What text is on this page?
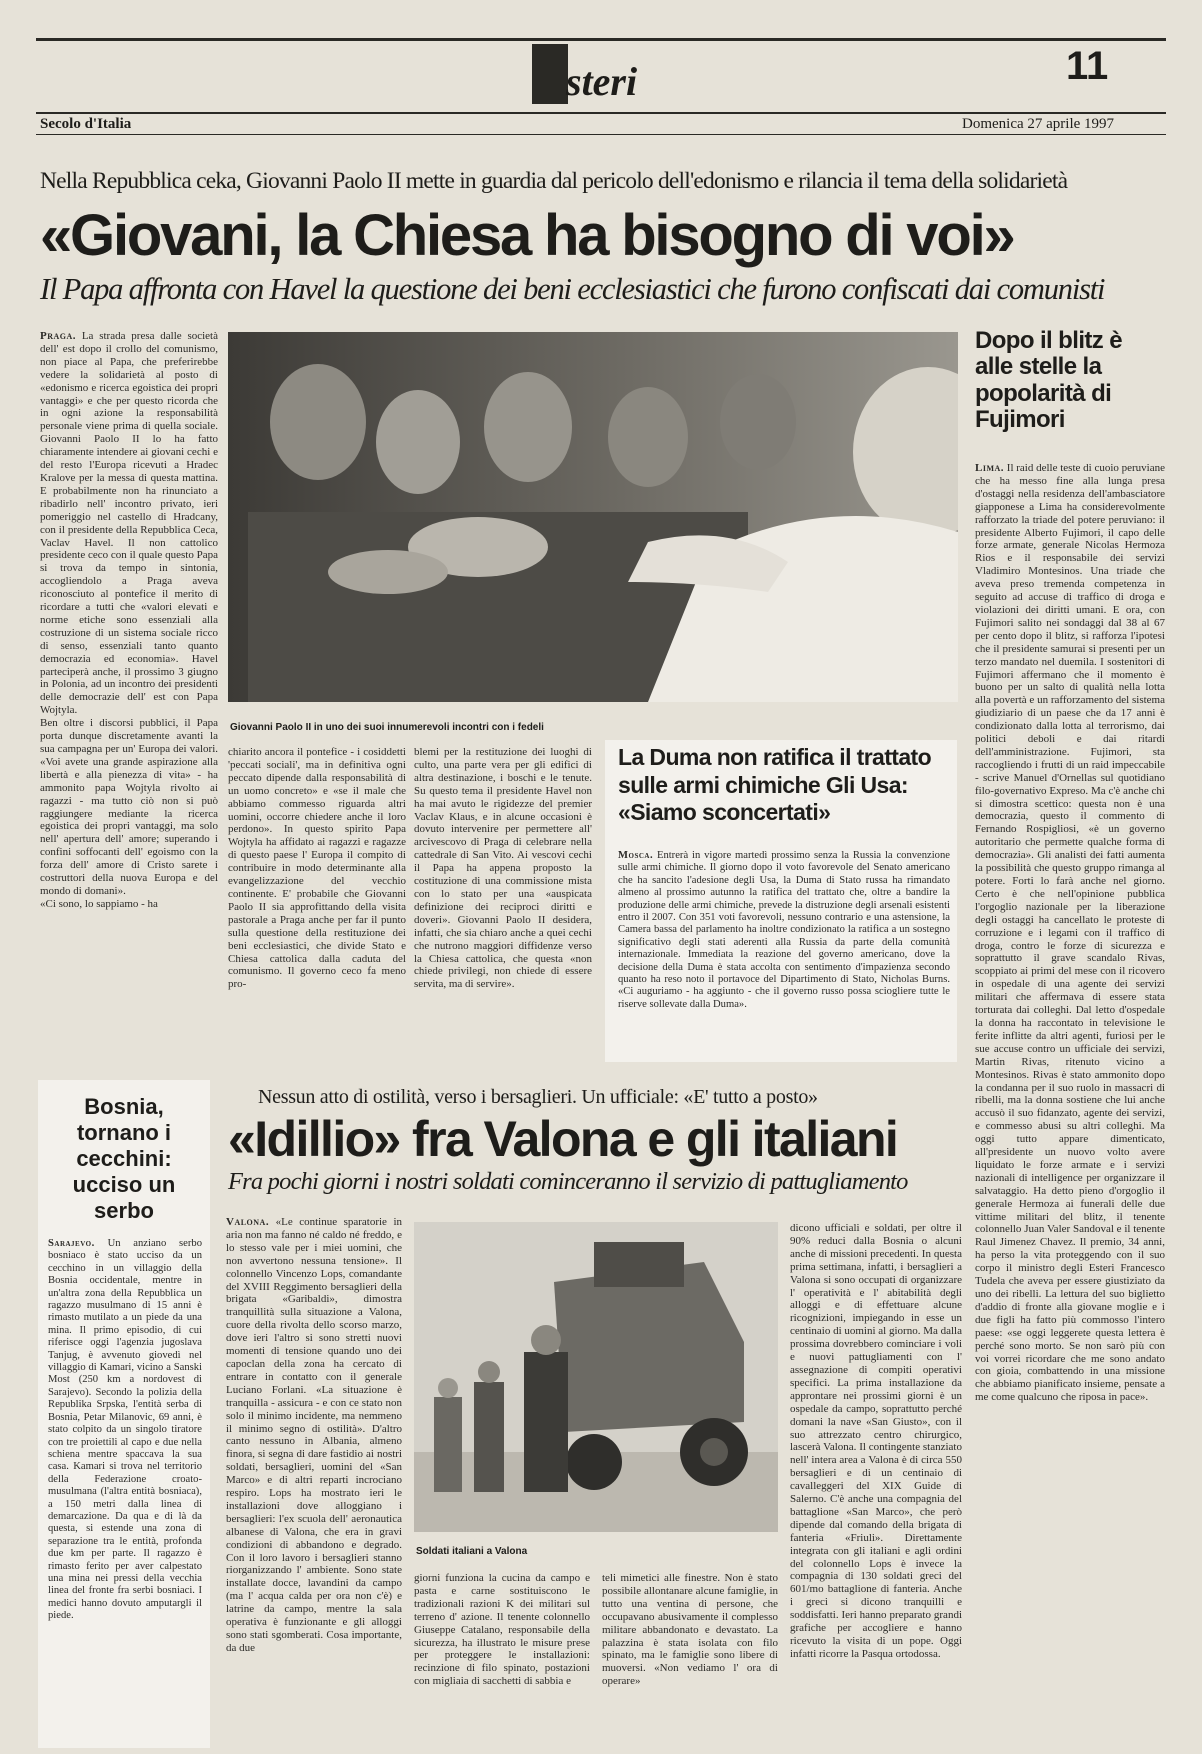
steri	11
Secolo d'Italia	Domenica 27 aprile 1997
Nella Repubblica ceka, Giovanni Paolo II mette in guardia dal pericolo dell'edonismo e rilancia il tema della solidarietà
«Giovani, la Chiesa ha bisogno di voi»
Il Papa affronta con Havel la questione dei beni ecclesiastici che furono confiscati dai comunisti
Praga. La strada presa dalle società dell' est dopo il crollo del comunismo, non piace al Papa, che preferirebbe vedere la solidarietà al posto di «edonismo e ricerca egoistica dei propri vantaggi» e che per questo ricorda che in ogni azione la responsabilità personale viene prima di quella sociale. Giovanni Paolo II lo ha fatto chiaramente intendere ai giovani cechi e del resto l'Europa ricevuti a Hradec Kralove per la messa di questa mattina. E probabilmente non ha rinunciato a ribadirlo nell' incontro privato, ieri pomeriggio nel castello di Hradcany, con il presidente della Repubblica Ceca, Vaclav Havel. Il non cattolico presidente ceco con il quale questo Papa si trova da tempo in sintonia, accogliendolo a Praga aveva riconosciuto al pontefice il merito di ricordare a tutti che «valori elevati e norme etiche sono essenziali alla costruzione di un sistema sociale ricco di senso, essenziali tanto quanto democrazia ed economia». Havel parteciperà anche, il prossimo 3 giugno in Polonia, ad un incontro dei presidenti delle democrazie dell' est con Papa Wojtyla.
Ben oltre i discorsi pubblici, il Papa porta dunque discretamente avanti la sua campagna per un' Europa dei valori. «Voi avete una grande aspirazione alla libertà e alla pienezza di vita» - ha ammonito papa Wojtyla rivolto ai ragazzi - ma tutto ciò non si può raggiungere mediante la ricerca egoistica dei propri vantaggi, ma solo nell' apertura dell' amore; superando i confini soffocanti dell' egoismo con la forza dell' amore di Cristo sarete i costruttori della nuova Europa e del mondo di domani».
«Ci sono, lo sappiamo - ha
Giovanni Paolo II in uno dei suoi innumerevoli incontri con i fedeli
chiarito ancora il pontefice - i cosiddetti 'peccati sociali', ma in definitiva ogni peccato dipende dalla responsabilità di un uomo concreto» e «se il male che abbiamo commesso riguarda altri uomini, occorre chiedere anche il loro perdono». In questo spirito Papa Wojtyla ha affidato ai ragazzi e ragazze di questo paese l' Europa il compito di contribuire in modo determinante alla evangelizzazione del vecchio continente. E' probabile che Giovanni Paolo II sia approfittando della visita pastorale a Praga anche per far il punto sulla questione della restituzione dei beni ecclesiastici, che divide Stato e Chiesa cattolica dalla caduta del comunismo. Il governo ceco fa meno pro-
blemi per la restituzione dei luoghi di culto, una parte vera per gli edifici di altra destinazione, i boschi e le tenute. Su questo tema il presidente Havel non ha mai avuto le rigidezze del premier Vaclav Klaus, e in alcune occasioni è dovuto intervenire per permettere all' arcivescovo di Praga di celebrare nella cattedrale di San Vito. Ai vescovi cechi il Papa ha appena proposto la costituzione di una commissione mista con lo stato per una «auspicata definizione dei reciproci diritti e doveri». Giovanni Paolo II desidera, infatti, che sia chiaro anche a quei cechi che nutrono maggiori diffidenze verso la Chiesa cattolica, che questa «non chiede privilegi, non chiede di essere servita, ma di servire».
La Duma non ratifica il trattato sulle armi chimiche Gli Usa: «Siamo sconcertati»
Mosca. Entrerà in vigore martedì prossimo senza la Russia la convenzione sulle armi chimiche. Il giorno dopo il voto favorevole del Senato americano che ha sancito l'adesione degli Usa, la Duma di Stato russa ha rimandato almeno al prossimo autunno la ratifica del trattato che, oltre a bandire la produzione delle armi chimiche, prevede la distruzione degli arsenali esistenti entro il 2007. Con 351 voti favorevoli, nessuno contrario e una astensione, la Camera bassa del parlamento ha inoltre condizionato la ratifica a un sostegno significativo degli stati aderenti alla Russia da parte della comunità internazionale. Immediata la reazione del governo americano, dove la decisione della Duma è stata accolta con sentimento d'impazienza secondo quanto ha reso noto il portavoce del Dipartimento di Stato, Nicholas Burns. «Ci auguriamo - ha aggiunto - che il governo russo possa sciogliere tutte le riserve sollevate dalla Duma».
Dopo il blitz è alle stelle la popolarità di Fujimori
Lima. Il raid delle teste di cuoio peruviane che ha messo fine alla lunga presa d'ostaggi nella residenza dell'ambasciatore giapponese a Lima ha considerevolmente rafforzato la triade del potere peruviano: il presidente Alberto Fujimori, il capo delle forze armate, generale Nicolas Hermoza Rios e il responsabile dei servizi Vladimiro Montesinos. Una triade che aveva preso tremenda competenza in seguito ad accuse di traffico di droga e violazioni dei diritti umani. E ora, con Fujimori salito nei sondaggi dal 38 al 67 per cento dopo il blitz, si rafforza l'ipotesi che il presidente samurai si presenti per un terzo mandato nel duemila. I sostenitori di Fujimori affermano che il momento è buono per un salto di qualità nella lotta alla povertà e un rafforzamento del sistema giudiziario di un paese che da 17 anni è condizionato dalla lotta al terrorismo, dai politici deboli e dai ritardi dell'amministrazione. Fujimori, sta raccogliendo i frutti di un raid impeccabile - scrive Manuel d'Ornellas sul quotidiano filo-governativo Expreso. Ma c'è anche chi si dimostra scettico: questa non è una democrazia, questo il commento di Fernando Rospigliosi, «è un governo autoritario che permette qualche forma di democrazia». Gli analisti dei fatti aumenta la possibilità che questo gruppo rimanga al potere. Forti lo farà anche nel giorno. Certo è che nell'opinione pubblica l'orgoglio nazionale per la liberazione degli ostaggi ha cancellato le proteste di corruzione e i legami con il traffico di droga, contro le forze di sicurezza e soprattutto il grave scandalo Rivas, scoppiato ai primi del mese con il ricovero in ospedale di una agente dei servizi militari che affermava di essere stata torturata dai colleghi. Dal letto d'ospedale la donna ha raccontato in televisione le ferite inflitte da altri agenti, furiosi per le sue accuse contro un ufficiale dei servizi, Martin Rivas, ritenuto vicino a Montesinos. Rivas è stato ammonito dopo la condanna per il suo ruolo in massacri di ribelli, ma la donna sostiene che lui anche accusò il suo fidanzato, agente dei servizi, e commesso abusi su altri colleghi. Ma oggi tutto appare dimenticato, all'presidente un nuovo volto avere liquidato le forze armate e i servizi nazionali di intelligence per organizzare il salvataggio. Ha detto pieno d'orgoglio il generale Hermoza ai funerali delle due vittime militari del blitz, il tenente colonnello Juan Valer Sandoval e il tenente Raul Jimenez Chavez. Il premio, 34 anni, ha perso la vita proteggendo con il suo corpo il ministro degli Esteri Francesco Tudela che aveva per essere giustiziato da uno dei ribelli. La lettura del suo biglietto d'addio di fronte alla giovane moglie e i due figli ha fatto più commosso l'intero paese: «se oggi leggerete questa lettera è perché sono morto. Se non sarò più con voi vorrei ricordare che me sono andato con gioia, combattendo in una missione che abbiamo pianificato insieme, pensate a me come qualcuno che riposa in pace».
Bosnia, tornano i cecchini: ucciso un serbo
Sarajevo. Un anziano serbo bosniaco è stato ucciso da un cecchino in un villaggio della Bosnia occidentale, mentre in un'altra zona della Repubblica un ragazzo musulmano di 15 anni è rimasto mutilato a un piede da una mina. Il primo episodio, di cui riferisce oggi l'agenzia jugoslava Tanjug, è avvenuto giovedì nel villaggio di Kamari, vicino a Sanski Most (250 km a nordovest di Sarajevo). Secondo la polizia della Republika Srpska, l'entità serba di Bosnia, Petar Milanovic, 69 anni, è stato colpito da un singolo tiratore con tre proiettili al capo e due nella schiena mentre spaccava la sua casa. Kamari si trova nel territorio della Federazione croato-musulmana (l'altra entità bosniaca), a 150 metri dalla linea di demarcazione. Da qua e di là da questa, si estende una zona di separazione tra le entità, profonda due km per parte. Il ragazzo è rimasto ferito per aver calpestato una mina nei pressi della vecchia linea del fronte fra serbi bosniaci. I medici hanno dovuto amputargli il piede.
Nessun atto di ostilità, verso i bersaglieri. Un ufficiale: «E' tutto a posto»
«Idillio» fra Valona e gli italiani
Fra pochi giorni i nostri soldati cominceranno il servizio di pattugliamento
Valona. «Le continue sparatorie in aria non ma fanno né caldo né freddo, e lo stesso vale per i miei uomini, che non avvertono nessuna tensione». Il colonnello Vincenzo Lops, comandante del XVIII Reggimento bersaglieri della brigata «Garibaldi», dimostra tranquillità sulla situazione a Valona, cuore della rivolta dello scorso marzo, dove ieri l'altro si sono stretti nuovi momenti di tensione quando uno dei capoclan della zona ha cercato di entrare in contatto con il generale Luciano Forlani. «La situazione è tranquilla - assicura - e con ce stato non solo il minimo incidente, ma nemmeno il minimo segno di ostilità». D'altro canto nessuno in Albania, almeno finora, si segna di dare fastidio ai nostri soldati, bersaglieri, uomini del «San Marco» e di altri reparti incrociano respiro. Lops ha mostrato ieri le installazioni dove alloggiano i bersaglieri: l'ex scuola dell' aeronautica albanese di Valona, che era in gravi condizioni di abbandono e degrado. Con il loro lavoro i bersaglieri stanno riorganizzando l' ambiente. Sono state installate docce, lavandini da campo (ma l' acqua calda per ora non c'è) e latrine da campo, mentre la sala operativa è funzionante e gli alloggi sono stati sgomberati. Cosa importante, da due
Soldati italiani a Valona
giorni funziona la cucina da campo e pasta e carne sostituiscono le tradizionali razioni K dei militari sul terreno d' azione. Il tenente colonnello Giuseppe Catalano, responsabile della sicurezza, ha illustrato le misure prese per proteggere le installazioni: recinzione di filo spinato, postazioni con migliaia di sacchetti di sabbia e
teli mimetici alle finestre. Non è stato possibile allontanare alcune famiglie, in tutto una ventina di persone, che occupavano abusivamente il complesso militare abbandonato e devastato. La palazzina è stata isolata con filo spinato, ma le famiglie sono libere di muoversi. «Non vediamo l' ora di operare»
dicono ufficiali e soldati, per oltre il 90% reduci dalla Bosnia o alcuni anche di missioni precedenti. In questa prima settimana, infatti, i bersaglieri a Valona si sono occupati di organizzare l' operatività e l' abitabilità degli alloggi e di effettuare alcune ricognizioni, impiegando in esse un centinaio di uomini al giorno. Ma dalla prossima dovrebbero cominciare i voli e nuovi pattugliamenti con l' assegnazione di compiti operativi specifici. La prima installazione da approntare nei prossimi giorni è un ospedale da campo, soprattutto perché domani la nave «San Giusto», con il suo attrezzato centro chirurgico, lascerà Valona. Il contingente stanziato nell' intera area a Valona è di circa 550 bersaglieri e di un centinaio di cavalleggeri del XIX Guide di Salerno. C'è anche una compagnia del battaglione «San Marco», che però dipende dal comando della brigata di fanteria «Friuli». Direttamente integrata con gli italiani e agli ordini del colonnello Lops è invece la compagnia di 130 soldati greci del 601/mo battaglione di fanteria. Anche i greci si dicono tranquilli e soddisfatti. Ieri hanno preparato grandi grafiche per accogliere e hanno ricevuto la visita di un pope. Oggi infatti ricorre la Pasqua ortodossa.
